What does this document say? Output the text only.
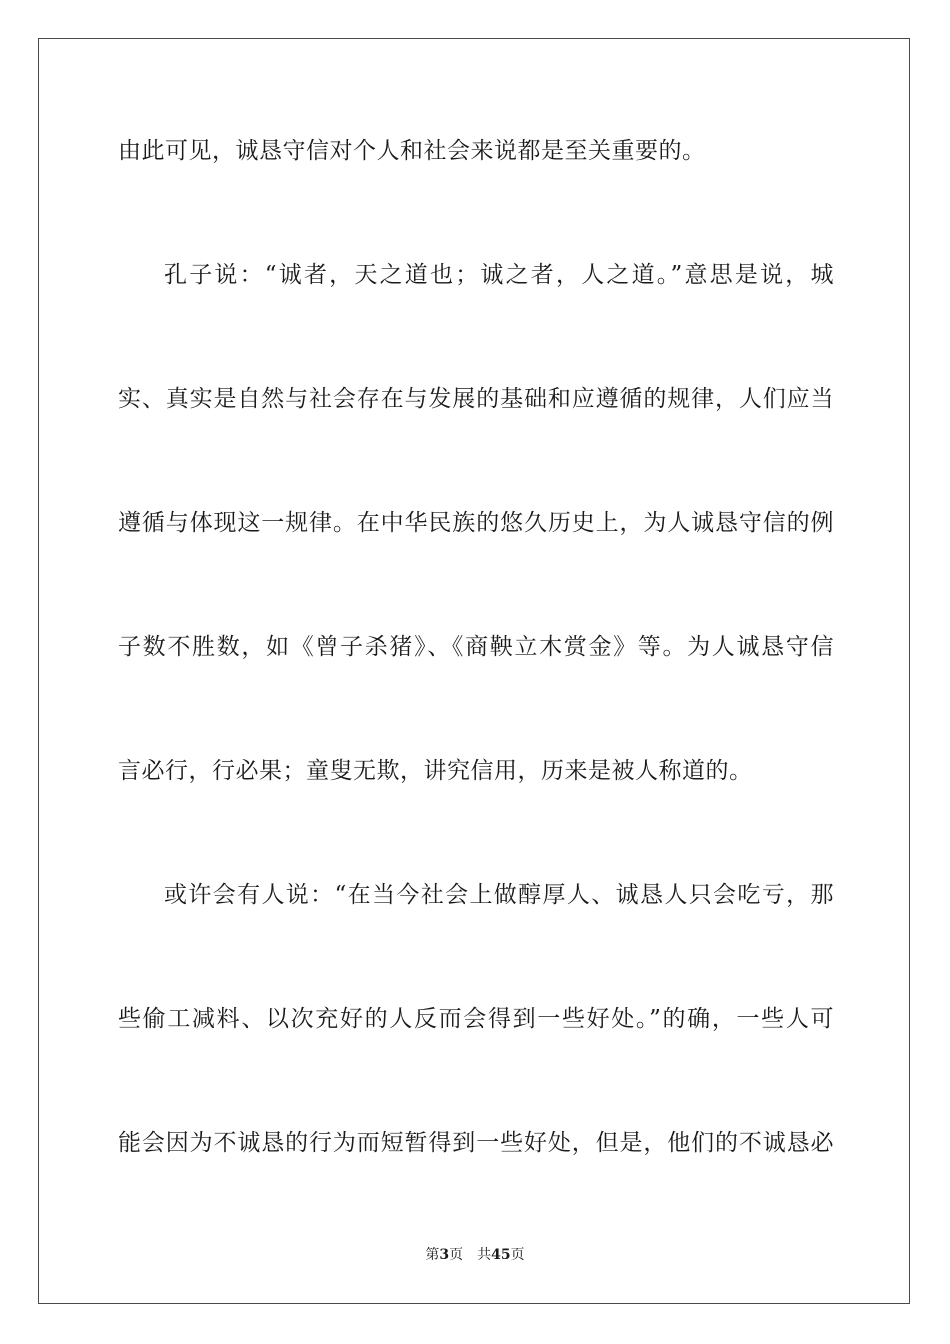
由此可见，诚恳守信对个人和社会来说都是至关重要的。
孔子说：“诚者，天之道也；诚之者，人之道。”意思是说，城
实、真实是自然与社会存在与发展的基础和应遵循的规律，人们应当
遵循与体现这一规律。在中华民族的悠久历史上，为人诚恳守信的例
子数不胜数，如《曾子杀猪》、《商鞅立木赏金》等。为人诚恳守信
言必行，行必果；童叟无欺，讲究信用，历来是被人称道的。
或许会有人说：“在当今社会上做醇厚人、诚恳人只会吃亏，那
些偷工减料、以次充好的人反而会得到一些好处。”的确，一些人可
能会因为不诚恳的行为而短暂得到一些好处，但是，他们的不诚恳必
第3页 共45页
